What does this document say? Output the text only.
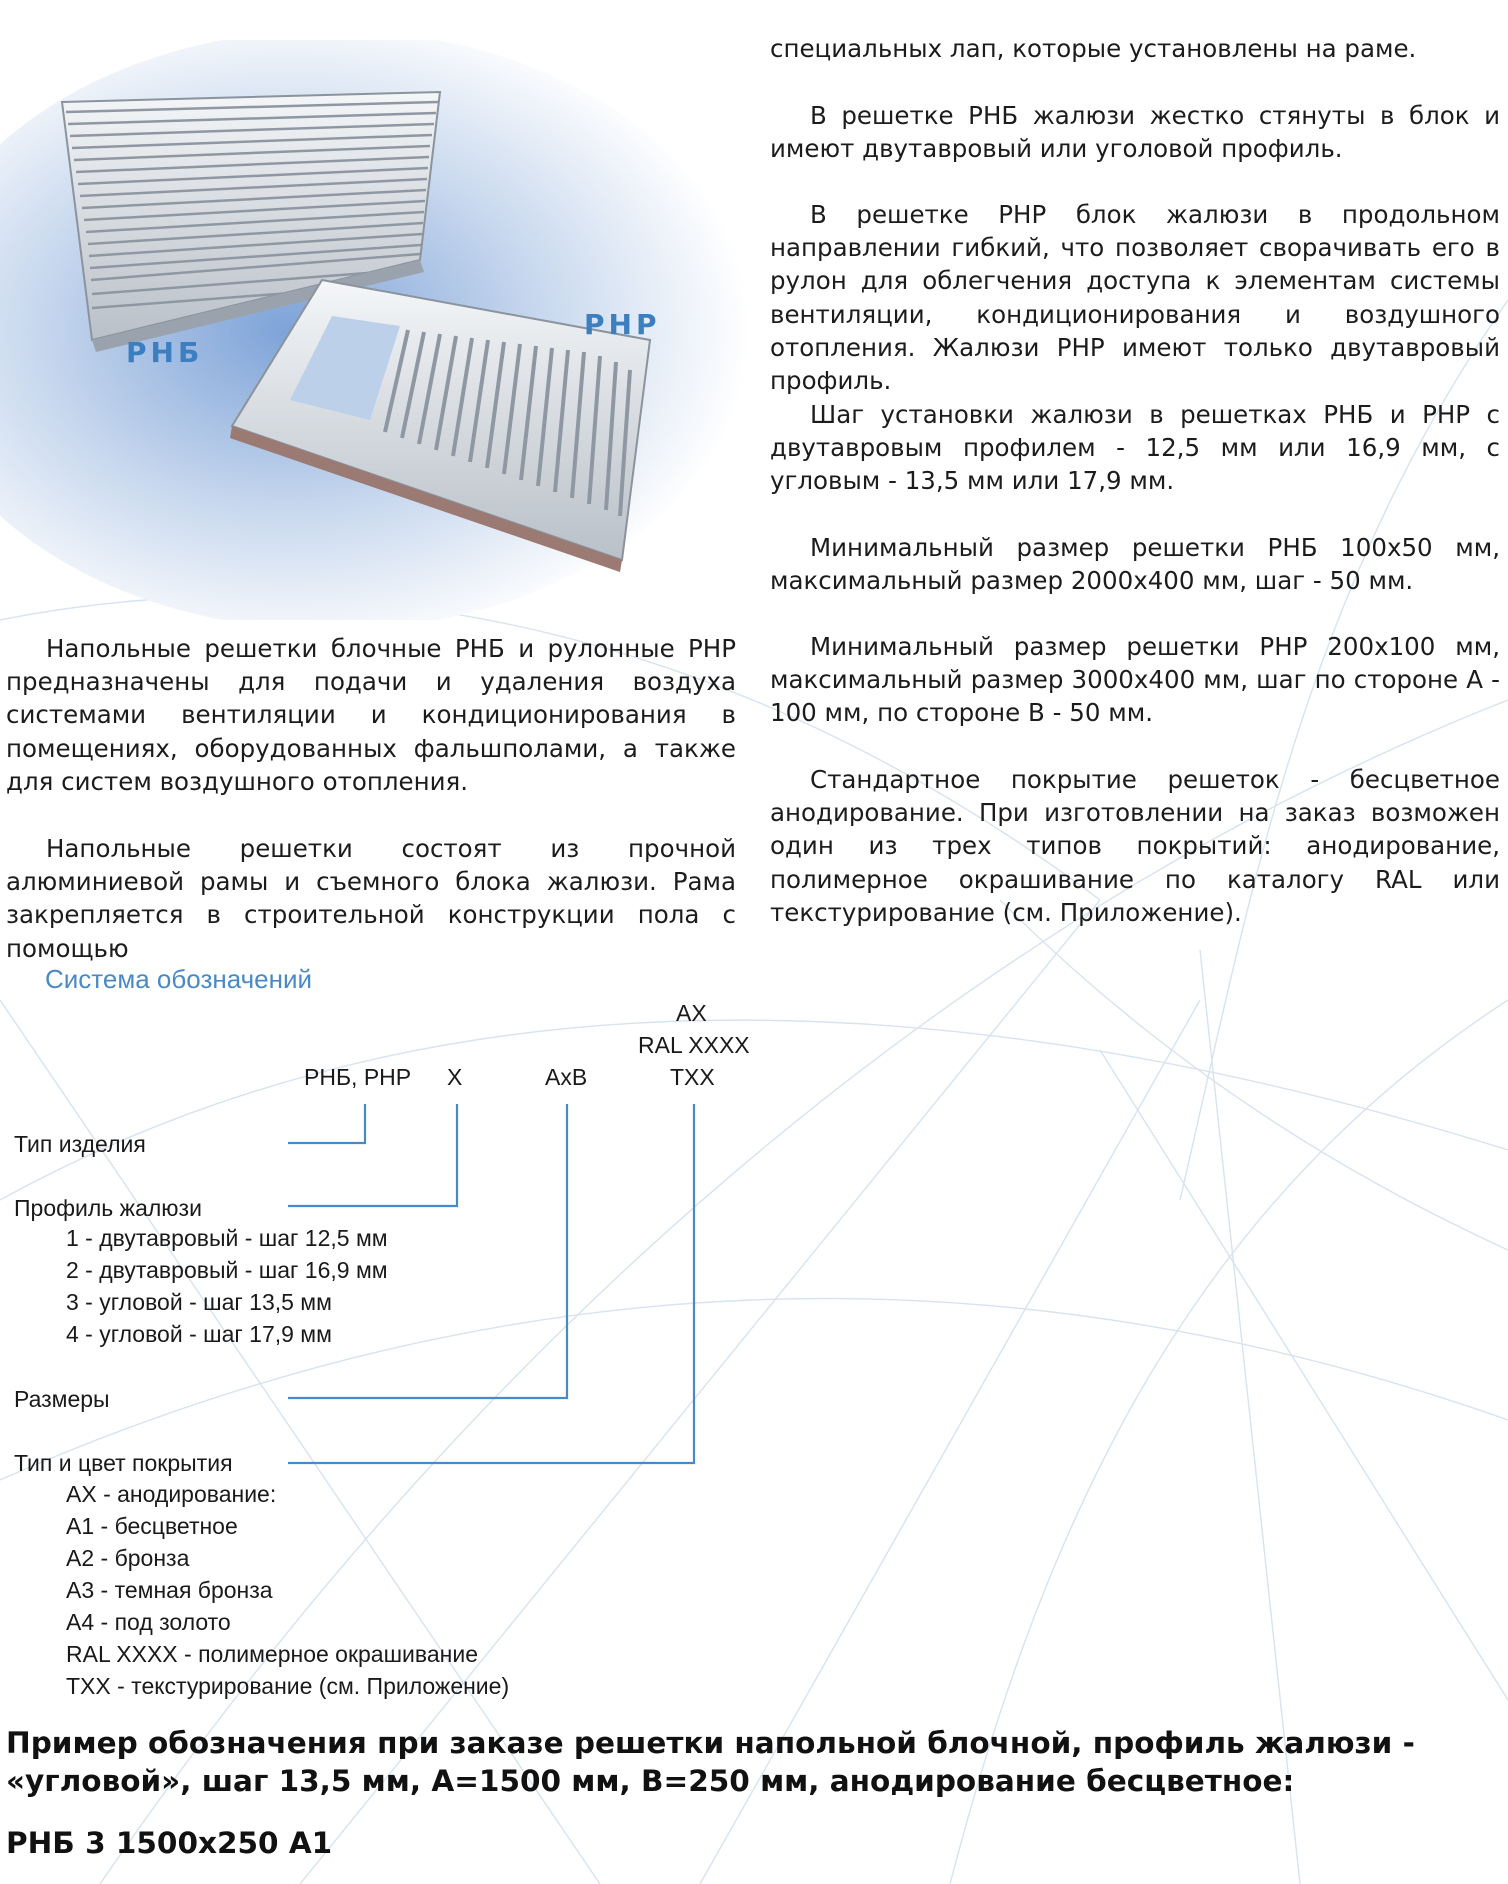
РНБ
РНР

специальных лап, которые установлены на раме.

В решетке РНБ жалюзи жестко стянуты в блок и имеют двутавровый или уголовой профиль.

В решетке РНР блок жалюзи в продольном направлении гибкий, что позволяет сворачивать его в рулон для облегчения доступа к элементам системы вентиляции, кондиционирования и воздушного отопления. Жалюзи РНР имеют только двутавровый профиль.

Шаг установки жалюзи в решетках РНБ и РНР с двутавровым профилем - 12,5 мм или 16,9 мм, с угловым - 13,5 мм или 17,9 мм.

Минимальный размер решетки РНБ 100х50 мм, максимальный размер 2000х400 мм, шаг - 50 мм.

Минимальный размер решетки РНР 200х100 мм, максимальный размер 3000х400 мм, шаг по стороне А - 100 мм, по стороне В - 50 мм.

Стандартное покрытие решеток - бесцветное анодирование. При изготовлении на заказ возможен один из трех типов покрытий: анодирование, полимерное окрашивание по каталогу RAL или текстурирование (см. Приложение).

Напольные решетки блочные РНБ и рулонные РНР предназначены для подачи и удаления воздуха системами вентиляции и кондиционирования в помещениях, оборудованных фальшполами, а также для систем воздушного отопления.

Напольные решетки состоят из прочной алюминиевой рамы и съемного блока жалюзи. Рама закрепляется в строительной конструкции пола с помощью

Система обозначений
РНБ, РНР Х	АхВ
АХ
RAL XXXX
ТХХ
Тип изделия
Профиль жалюзи
1 - двутавровый - шаг 12,5 мм
2 - двутавровый - шаг 16,9 мм
3 - угловой - шаг 13,5 мм
4 - угловой - шаг 17,9 мм
Размеры
Тип и цвет покрытия
АХ - анодирование:
А1 - бесцветное
А2 - бронза
А3 - темная бронза
А4 - под золото
RAL XXXX - полимерное окрашивание
ТХХ - текстурирование (см. Приложение)

Пример обозначения при заказе решетки напольной блочной, профиль жалюзи - «угловой», шаг 13,5 мм, А=1500 мм, В=250 мм, анодирование бесцветное:

РНБ 3 1500х250 А1
